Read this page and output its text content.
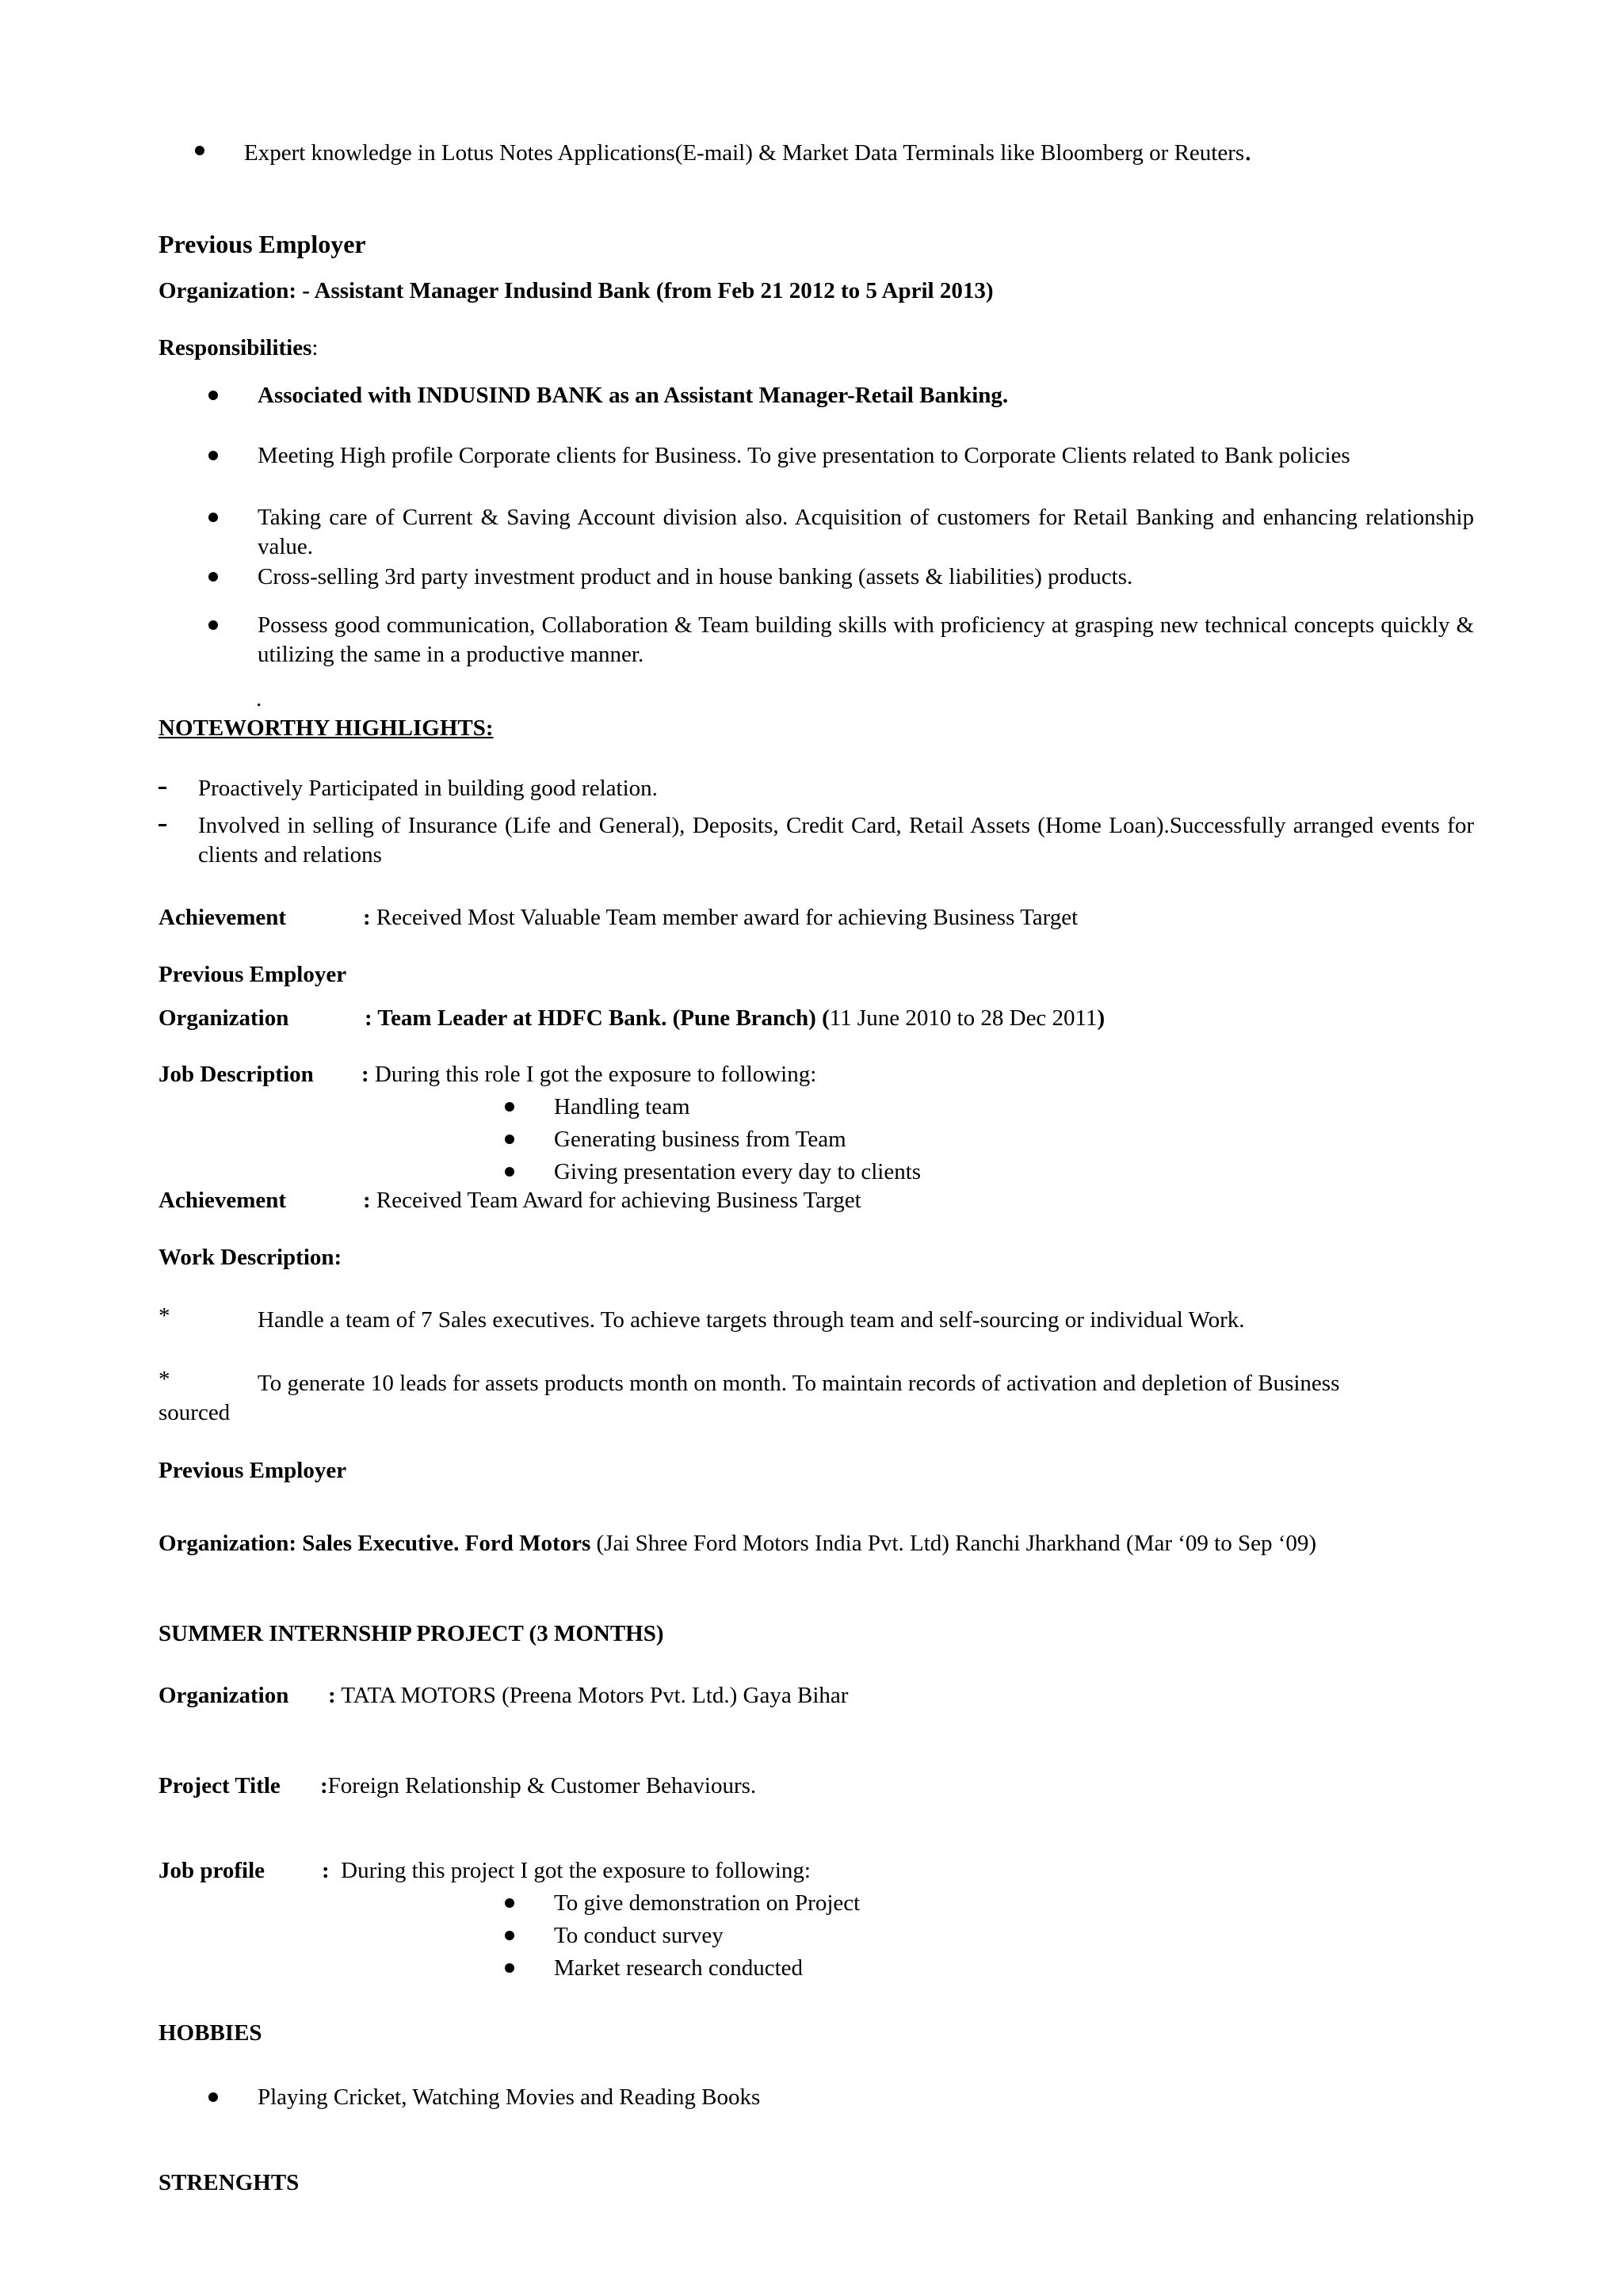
Expert knowledge in Lotus Notes Applications(E-mail) & Market Data Terminals like Bloomberg or Reuters.
Previous Employer
Organization: - Assistant Manager Indusind Bank (from Feb 21 2012 to 5 April 2013)
Responsibilities:
Associated with INDUSIND BANK as an Assistant Manager-Retail Banking.
Meeting High profile Corporate clients for Business. To give presentation to Corporate Clients related to Bank policies
Taking care of Current & Saving Account division also. Acquisition of customers for Retail Banking and enhancing relationship value.
Cross-selling 3rd party investment product and in house banking (assets & liabilities) products.
Possess good communication, Collaboration & Team building skills with proficiency at grasping new technical concepts quickly & utilizing the same in a productive manner.
.
NOTEWORTHY HIGHLIGHTS:
Proactively Participated in building good relation.
Involved in selling of Insurance (Life and General), Deposits, Credit Card, Retail Assets (Home Loan).Successfully arranged events for clients and relations
Achievement	: Received Most Valuable Team member award for achieving Business Target
Previous Employer
Organization	: Team Leader at HDFC Bank. (Pune Branch) (11 June 2010 to 28 Dec 2011)
Job Description : During this role I got the exposure to following:
Handling team
Generating business from Team
Giving presentation every day to clients
Achievement	: Received Team Award for achieving Business Target
Work Description:
*	Handle a team of 7 Sales executives. To achieve targets through team and self-sourcing or individual Work.
*	To generate 10 leads for assets products month on month. To maintain records of activation and depletion of Business
sourced
Previous Employer
Organization: Sales Executive. Ford Motors (Jai Shree Ford Motors India Pvt. Ltd) Ranchi Jharkhand (Mar ‘09 to Sep ‘09)
SUMMER INTERNSHIP PROJECT (3 MONTHS)
Organization : TATA MOTORS (Preena Motors Pvt. Ltd.) Gaya Bihar
Project Title :Foreign Relationship & Customer Behaviours.
Job profile : During this project I got the exposure to following:
To give demonstration on Project
To conduct survey
Market research conducted
HOBBIES
Playing Cricket, Watching Movies and Reading Books
STRENGHTS
